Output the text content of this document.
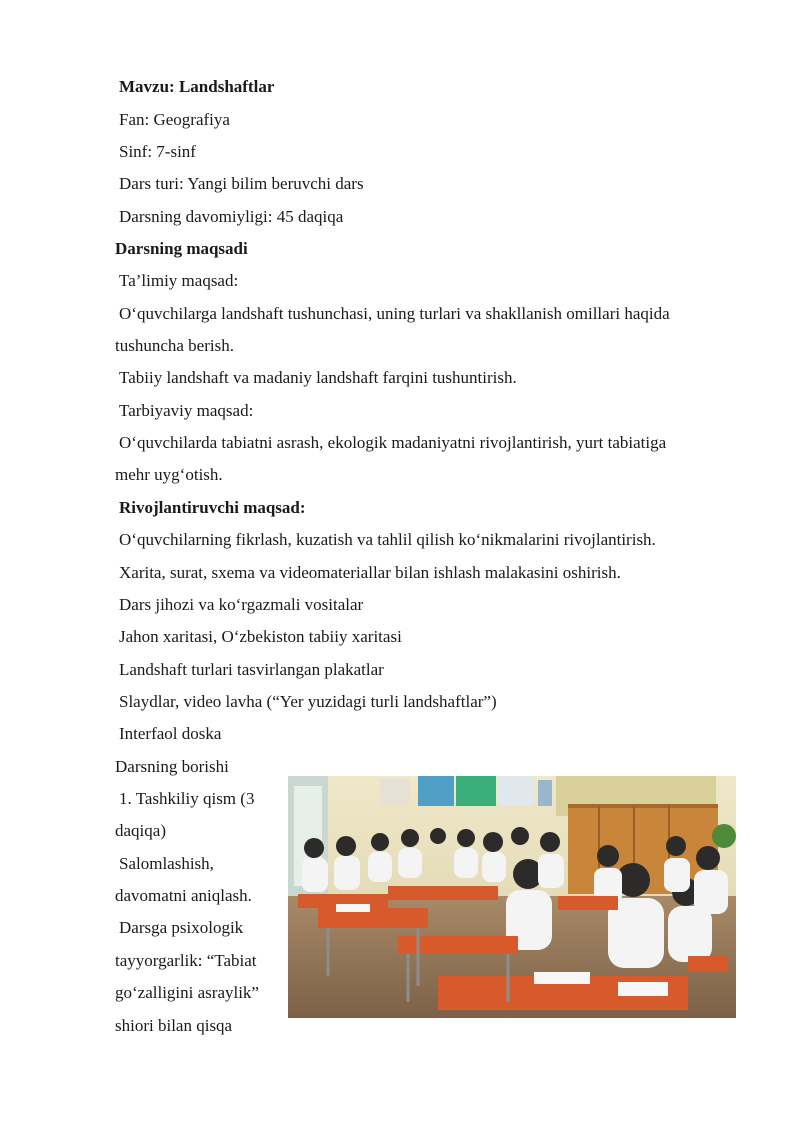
Mavzu: Landshaftlar
Fan: Geografiya
Sinf: 7-sinf
Dars turi: Yangi bilim beruvchi dars
Darsning davomiyligi: 45 daqiqa
Darsning maqsadi
Ta’limiy maqsad:
O‘quvchilarga landshaft tushunchasi, uning turlari va shakllanish omillari haqida
tushuncha berish.
Tabiiy landshaft va madaniy landshaft farqini tushuntirish.
Tarbiyaviy maqsad:
O‘quvchilarda tabiatni asrash, ekologik madaniyatni rivojlantirish, yurt tabiatiga
mehr uyg‘otish.
Rivojlantiruvchi maqsad:
O‘quvchilarning fikrlash, kuzatish va tahlil qilish ko‘nikmalarini rivojlantirish.
Xarita, surat, sxema va videomateriallar bilan ishlash malakasini oshirish.
Dars jihozi va ko‘rgazmali vositalar
Jahon xaritasi, O‘zbekiston tabiiy xaritasi
Landshaft turlari tasvirlangan plakatlar
Slaydlar, video lavha (“Yer yuzidagi turli landshaftlar”)
Interfaol doska
Darsning borishi
1. Tashkiliy qism (3
daqiqa)
Salomlashish,
davomatni aniqlash.
Darsga psixologik
tayyorgarlik: “Tabiat
go‘zalligini asraylik”
shiori bilan qisqa
